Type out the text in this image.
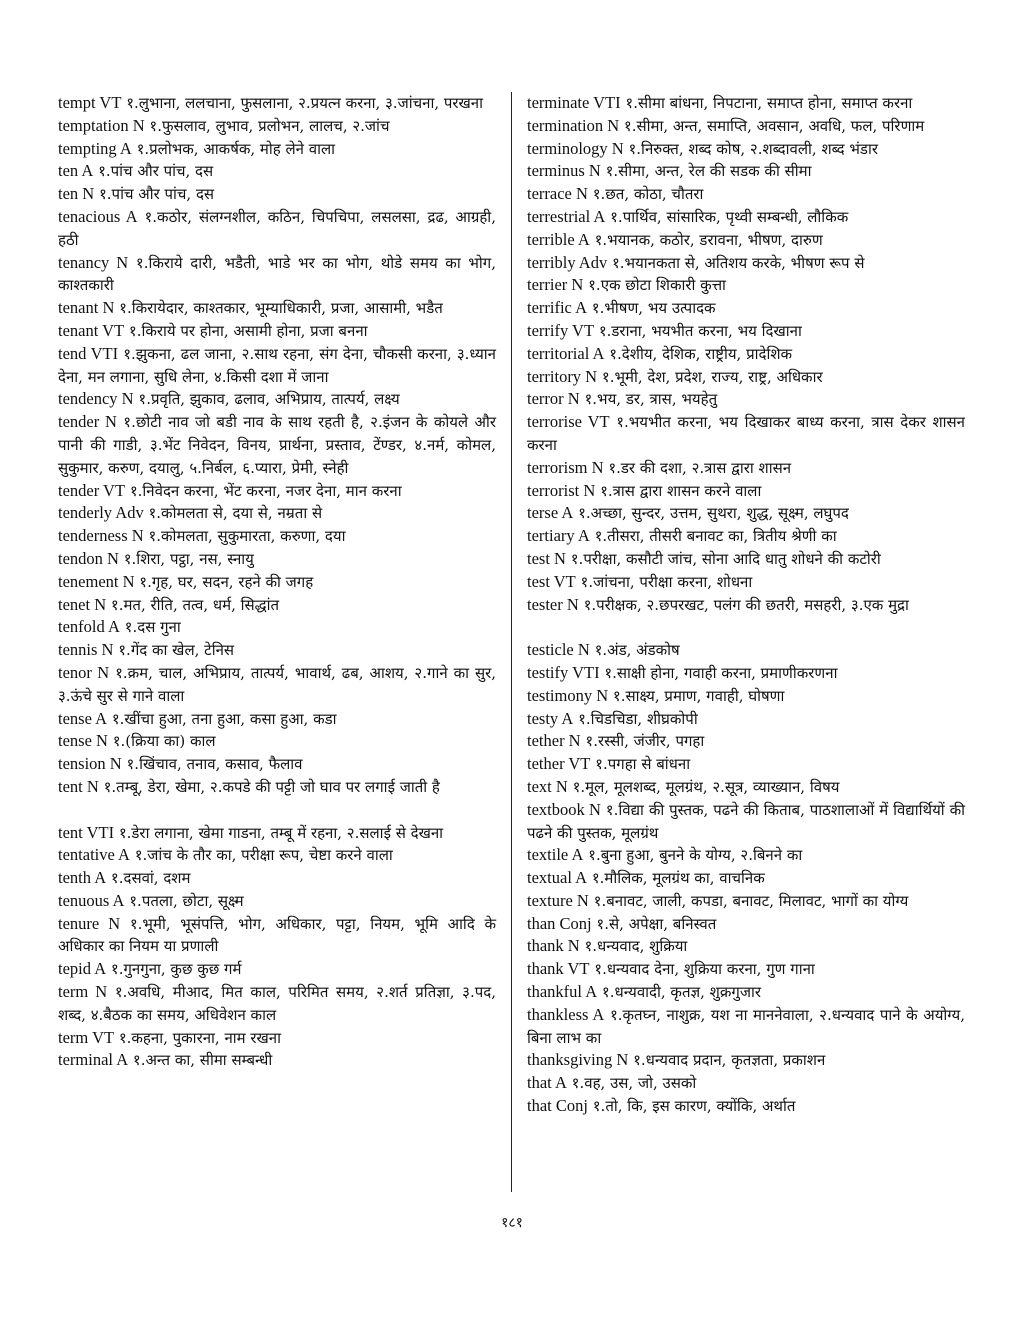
tempt VT १.लुभाना, ललचाना, फुसलाना, २.प्रयत्न करना, ३.जांचना, परखना
temptation N १.फुसलाव, लुभाव, प्रलोभन, लालच, २.जांच
tempting A १.प्रलोभक, आकर्षक, मोह लेने वाला
ten A १.पांच और पांच, दस
ten N १.पांच और पांच, दस
tenacious A १.कठोर, संलग्नशील, कठिन, चिपचिपा, लसलसा, द्रढ, आग्रही, हठी
tenancy N १.किराये दारी, भडैती, भाडे भर का भोग, थोडे समय का भोग, काश्तकारी
tenant N १.किरायेदार, काश्तकार, भूम्याधिकारी, प्रजा, आसामी, भडैत
tenant VT १.किराये पर होना, असामी होना, प्रजा बनना
tend VTI १.झुकना, ढल जाना, २.साथ रहना, संग देना, चौकसी करना, ३.ध्यान देना, मन लगाना, सुधि लेना, ४.किसी दशा में जाना
tendency N १.प्रवृति, झुकाव, ढलाव, अभिप्राय, तात्पर्य, लक्ष्य
tender N १.छोटी नाव जो बडी नाव के साथ रहती है, २.इंजन के कोयले और पानी की गाडी, ३.भेंट निवेदन, विनय, प्रार्थना, प्रस्ताव, टेंण्डर, ४.नर्म, कोमल, सुकुमार, करुण, दयालु, ५.निर्बल, ६.प्यारा, प्रेमी, स्नेही
tender VT १.निवेदन करना, भेंट करना, नजर देना, मान करना
tenderly Adv १.कोमलता से, दया से, नम्रता से
tenderness N १.कोमलता, सुकुमारता, करुणा, दया
tendon N १.शिरा, पट्ठा, नस, स्नायु
tenement N १.गृह, घर, सदन, रहने की जगह
tenet N १.मत, रीति, तत्व, धर्म, सिद्धांत
tenfold A १.दस गुना
tennis N १.गेंद का खेल, टेनिस
tenor N १.क्रम, चाल, अभिप्राय, तात्पर्य, भावार्थ, ढब, आशय, २.गाने का सुर, ३.ऊंचे सुर से गाने वाला
tense A १.खींचा हुआ, तना हुआ, कसा हुआ, कडा
tense N १.(क्रिया का) काल
tension N १.खिंचाव, तनाव, कसाव, फैलाव
tent N १.तम्बू, डेरा, खेमा, २.कपडे की पट्टी जो घाव पर लगाई जाती है
tent VTI १.डेरा लगाना, खेमा गाडना, तम्बू में रहना, २.सलाई से देखना
tentative A १.जांच के तौर का, परीक्षा रूप, चेष्टा करने वाला
tenth A १.दसवां, दशम
tenuous A १.पतला, छोटा, सूक्ष्म
tenure N १.भूमी, भूसंपत्ति, भोग, अधिकार, पट्टा, नियम, भूमि आदि के अधिकार का नियम या प्रणाली
tepid A १.गुनगुना, कुछ कुछ गर्म
term N १.अवधि, मीआद, मित काल, परिमित समय, २.शर्त प्रतिज्ञा, ३.पद, शब्द, ४.बैठक का समय, अधिवेशन काल
term VT १.कहना, पुकारना, नाम रखना
terminal A १.अन्त का, सीमा सम्बन्धी
terminate VTI १.सीमा बांधना, निपटाना, समाप्त होना, समाप्त करना
termination N १.सीमा, अन्त, समाप्ति, अवसान, अवधि, फल, परिणाम
terminology N १.निरुक्त, शब्द कोष, २.शब्दावली, शब्द भंडार
terminus N १.सीमा, अन्त, रेल की सडक की सीमा
terrace N १.छत, कोठा, चौतरा
terrestrial A १.पार्थिव, सांसारिक, पृथ्वी सम्बन्धी, लौकिक
terrible A १.भयानक, कठोर, डरावना, भीषण, दारुण
terribly Adv १.भयानकता से, अतिशय करके, भीषण रूप से
terrier N १.एक छोटा शिकारी कुत्ता
terrific A १.भीषण, भय उत्पादक
terrify VT १.डराना, भयभीत करना, भय दिखाना
territorial A १.देशीय, देशिक, राष्ट्रीय, प्रादेशिक
territory N १.भूमी, देश, प्रदेश, राज्य, राष्ट्र, अधिकार
terror N १.भय, डर, त्रास, भयहेतु
terrorise VT १.भयभीत करना, भय दिखाकर बाध्य करना, त्रास देकर शासन करना
terrorism N १.डर की दशा, २.त्रास द्वारा शासन
terrorist N १.त्रास द्वारा शासन करने वाला
terse A १.अच्छा, सुन्दर, उत्तम, सुथरा, शुद्ध, सूक्ष्म, लघुपद
tertiary A १.तीसरा, तीसरी बनावट का, त्रितीय श्रेणी का
test N १.परीक्षा, कसौटी जांच, सोना आदि धातु शोधने की कटोरी
test VT १.जांचना, परीक्षा करना, शोधना
tester N १.परीक्षक, २.छपरखट, पलंग की छतरी, मसहरी, ३.एक मुद्रा
testicle N १.अंड, अंडकोष
testify VTI १.साक्षी होना, गवाही करना, प्रमाणीकरणना
testimony N १.साक्ष्य, प्रमाण, गवाही, घोषणा
testy A १.चिडचिडा, शीघ्रकोपी
tether N १.रस्सी, जंजीर, पगहा
tether VT १.पगहा से बांधना
text N १.मूल, मूलशब्द, मूलग्रंथ, २.सूत्र, व्याख्यान, विषय
textbook N १.विद्या की पुस्तक, पढने की किताब, पाठशालाओं में विद्यार्थियों की पढने की पुस्तक, मूलग्रंथ
textile A १.बुना हुआ, बुनने के योग्य, २.बिनने का
textual A १.मौलिक, मूलग्रंथ का, वाचनिक
texture N १.बनावट, जाली, कपडा, बनावट, मिलावट, भागों का योग्य
than Conj १.से, अपेक्षा, बनिस्वत
thank N १.धन्यवाद, शुक्रिया
thank VT १.धन्यवाद देना, शुक्रिया करना, गुण गाना
thankful A १.धन्यवादी, कृतज्ञ, शुक्रगुजार
thankless A १.कृतघ्न, नाशुक्र, यश ना माननेवाला, २.धन्यवाद पाने के अयोग्य, बिना लाभ का
thanksgiving N १.धन्यवाद प्रदान, कृतज्ञता, प्रकाशन
that A १.वह, उस, जो, उसको
that Conj १.तो, कि, इस कारण, क्योंकि, अर्थात
१८१
